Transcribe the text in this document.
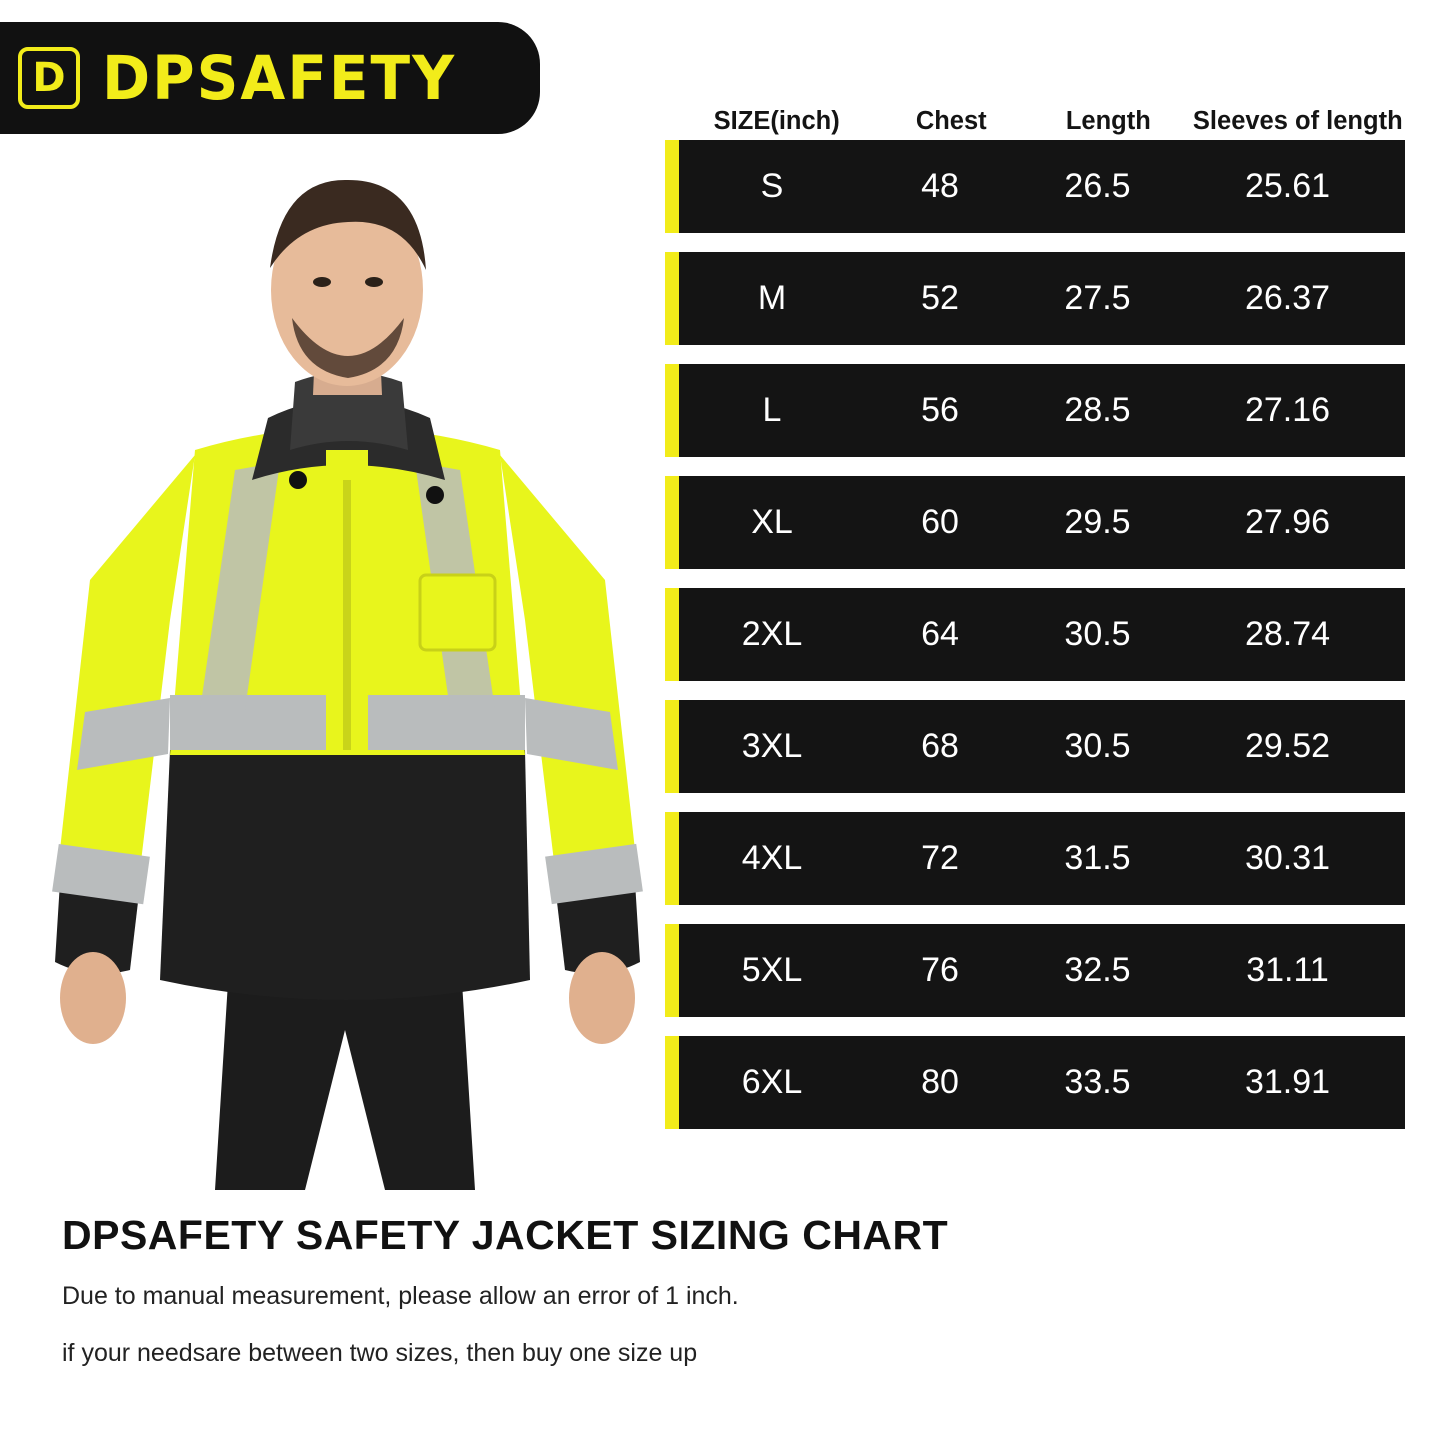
D DPSAFETY
SIZE(inch)	Chest	Length	Sleeves of length
S	48	26.5	25.61
M	52	27.5	26.37
L	56	28.5	27.16
XL	60	29.5	27.96
2XL	64	30.5	28.74
3XL	68	30.5	29.52
4XL	72	31.5	30.31
5XL	76	32.5	31.11
6XL	80	33.5	31.91
DPSAFETY SAFETY JACKET SIZING CHART
Due to manual measurement, please allow an error of 1 inch.
if your needsare between two sizes, then buy one size up
